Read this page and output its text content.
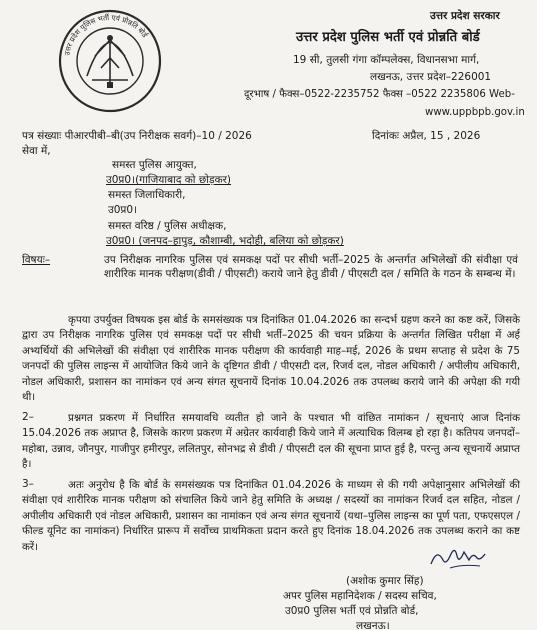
उत्तर प्रदेश पुलिस भर्ती एवं प्रोन्नति बोर्ड
उत्तर प्रदेश सरकार
उत्तर प्रदेश पुलिस भर्ती एवं प्रोन्नति बोर्ड
19 सी, तुलसी गंगा कॉम्पलेक्स, विधानसभा मार्ग,
लखनऊ, उत्तर प्रदेश–226001
दूरभाष / फैक्स–0522-2235752 फैक्स –0522 2235806 Web-
www.uppbpb.gov.in
पत्र संख्याः पीआरपीबी–बी(उप निरीक्षक सवर्ग)–10 / 2026	दिनांकः अप्रैल, 15 , 2026
सेवा में,
समस्त पुलिस आयुक्त,
उ0प्र0।(गाजियाबाद को छोड़कर)
समस्त जिलाधिकारी,
उ0प्र0।
समस्त वरिष्ठ / पुलिस अधीक्षक,
उ0प्र0। (जनपद–हापुड़, कौशाम्बी, भदोही, बलिया को छोड़कर)
विषयः–	उप निरीक्षक नागरिक पुलिस एवं समकक्ष पदों पर सीधी भर्ती–2025 के अन्तर्गत अभिलेखों की संवीक्षा एवं शारीरिक मानक परीक्षण(डीवी / पीएसटी) कराये जाने हेतु डीवी / पीएसटी दल / समिति के गठन के सम्बन्ध में।

कृपया उपर्युक्त विषयक इस बोर्ड के समसंख्यक पत्र दिनांकित 01.04.2026 का सन्दर्भ ग्रहण करने का कष्ट करें, जिसके द्वारा उप निरीक्षक नागरिक पुलिस एवं समकक्ष पदों पर सीधी भर्ती–2025 की चयन प्रक्रिया के अन्तर्गत लिखित परीक्षा में अर्ह अभ्यर्थियों की अभिलेखों की संवीक्षा एवं शारीरिक मानक परीक्षण की कार्यवाही माह–मई, 2026 के प्रथम सप्ताह से प्रदेश के 75 जनपदों की पुलिस लाइन्स में आयोजित किये जाने के दृष्टिगत डीवी / पीएसटी दल, रिजर्व दल, नोडल अधिकारी / अपीलीय अधिकारी, नोडल अधिकारी, प्रशासन का नामांकन एवं अन्य संगत सूचनायें दिनांक 10.04.2026 तक उपलब्ध कराये जाने की अपेक्षा की गयी थी।

2–	प्रश्नगत प्रकरण में निर्धारित समयावधि व्यतीत हो जाने के पश्चात भी वांछित नामांकन / सूचनाएं आज दिनांक 15.04.2026 तक अप्राप्त है, जिसके कारण प्रकरण में अग्रेतर कार्यवाही किये जाने में अत्याधिक विलम्ब हो रहा है। कतिपय जनपदों–महोबा, उन्नाव, जौनपुर, गाजीपुर हमीरपुर, ललितपुर, सोनभद्र से डीवी / पीएसटी दल की सूचना प्राप्त हुई है, परन्तु अन्य सूचनायें अप्राप्त है।

3–	अतः अनुरोध है कि बोर्ड के समसंख्यक पत्र दिनांकित 01.04.2026 के माध्यम से की गयी अपेक्षानुसार अभिलेखों की संवीक्षा एवं शारीरिक मानक परीक्षण को संचालित किये जाने हेतु समिति के अध्यक्ष / सदस्यों का नामांकन रिजर्व दल सहित, नोडल / अपीलीय अधिकारी एवं नोडल अधिकारी, प्रशासन का नामांकन एवं अन्य संगत सूचनायें (यथा–पुलिस लाइन्स का पूर्ण पता, एफएसएल / फील्ड यूनिट का नामांकन) निर्धारित प्रारूप में सर्वोच्च प्राथमिकता प्रदान करते हुए दिनांक 18.04.2026 तक उपलब्ध कराने का कष्ट करें।

(अशोक कुमार सिंह)
अपर पुलिस महानिदेशक / सदस्य सचिव,
उ0प्र0 पुलिस भर्ती एवं प्रोन्नति बोर्ड,
लखनऊ।
